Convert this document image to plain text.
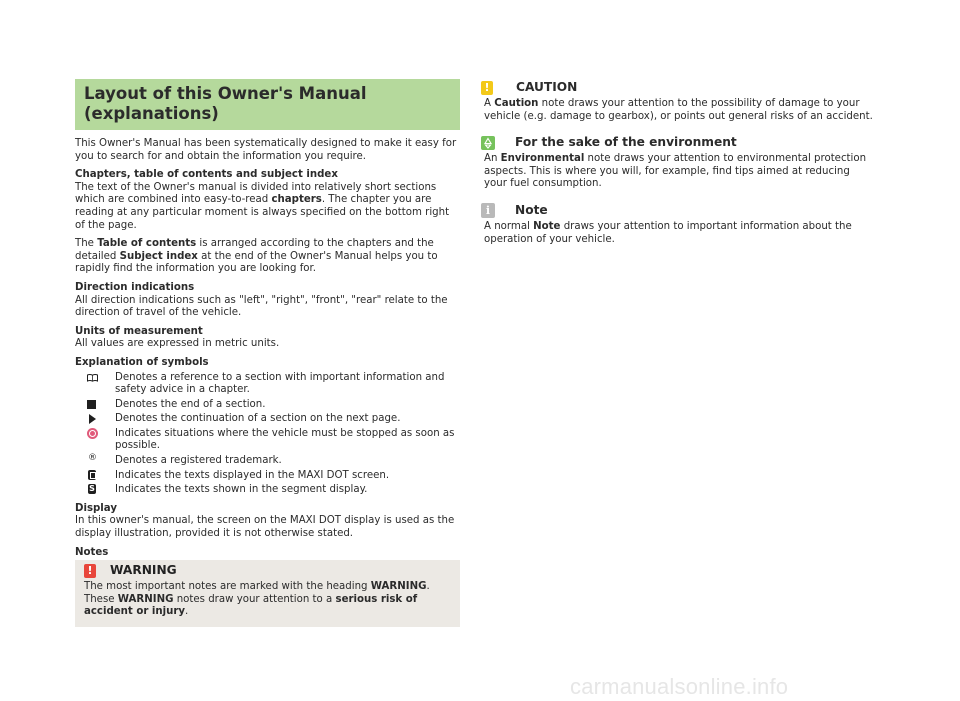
Layout of this Owner's Manual
(explanations)

This Owner's Manual has been systematically designed to make it easy for you to search for and obtain the information you require.

Chapters, table of contents and subject index

The text of the Owner's manual is divided into relatively short sections which are combined into easy-to-read chapters. The chapter you are reading at any particular moment is always specified on the bottom right of the page.

The Table of contents is arranged according to the chapters and the detailed Subject index at the end of the Owner's Manual helps you to rapidly find the information you are looking for.

Direction indications

All direction indications such as "left", "right", "front", "rear" relate to the direction of travel of the vehicle.

Units of measurement

All values are expressed in metric units.

Explanation of symbols
Denotes a reference to a section with important information and safety advice in a chapter.
Denotes the end of a section.
Denotes the continuation of a section on the next page.
Indicates situations where the vehicle must be stopped as soon as possible.
® Denotes a registered trademark.
Indicates the texts displayed in the MAXI DOT screen.
S Indicates the texts shown in the segment display.
Display

In this owner's manual, the screen on the MAXI DOT display is used as the display illustration, provided it is not otherwise stated.

Notes
! WARNING

The most important notes are marked with the heading WARNING. These WARNING notes draw your attention to a serious risk of accident or injury.

! CAUTION

A Caution note draws your attention to the possibility of damage to your vehicle (e.g. damage to gearbox), or points out general risks of an accident.

For the sake of the environment

An Environmental note draws your attention to environmental protection aspects. This is where you will, for example, find tips aimed at reducing your fuel consumption.

i	Note

A normal Note draws your attention to important information about the operation of your vehicle.

carmanualsonline.info
